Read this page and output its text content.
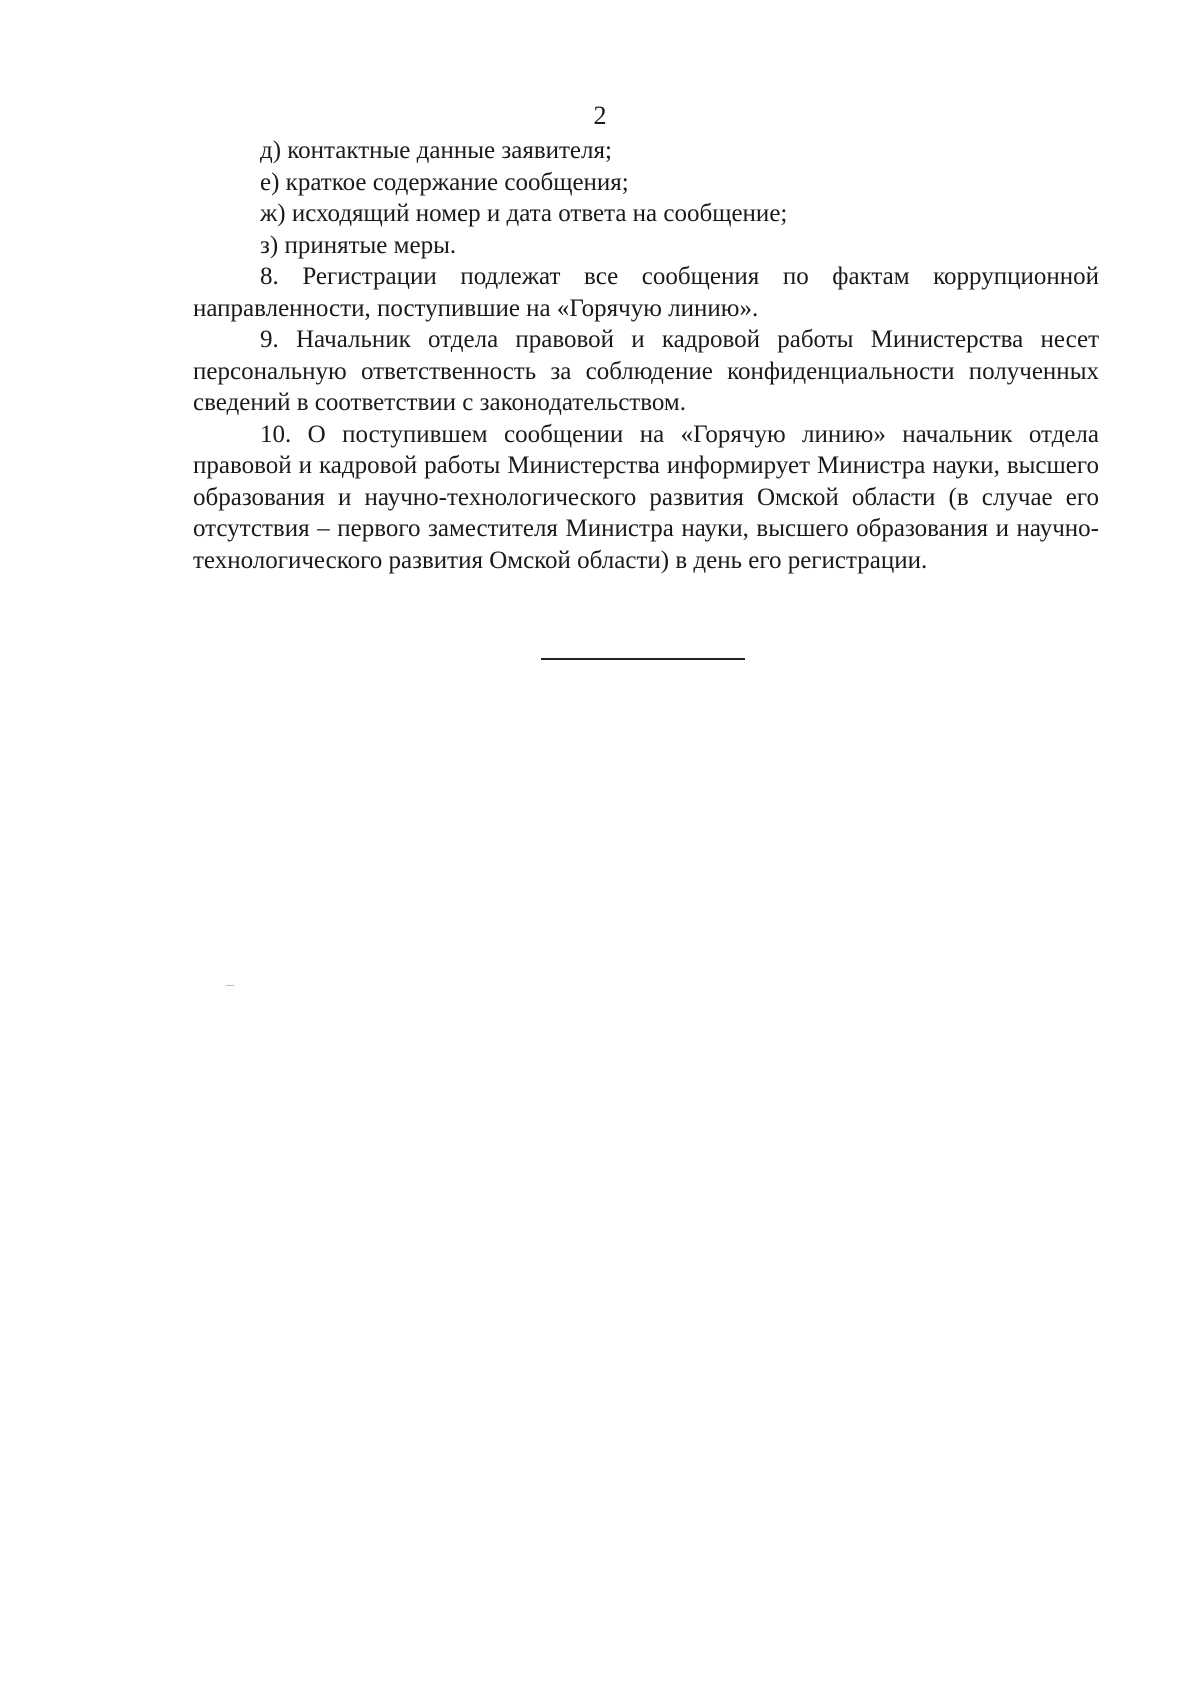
2

д) контактные данные заявителя;

е) краткое содержание сообщения;

ж) исходящий номер и дата ответа на сообщение;

з) принятые меры.

8. Регистрации подлежат все сообщения по фактам коррупционной направленности, поступившие на «Горячую линию».

9. Начальник отдела правовой и кадровой работы Министерства несет персональную ответственность за соблюдение конфиденциальности полученных сведений в соответствии с законодательством.

10. О поступившем сообщении на «Горячую линию» начальник отдела правовой и кадровой работы Министерства информирует Министра науки, высшего образования и научно-технологического развития Омской области (в случае его отсутствия – первого заместителя Министра науки, высшего образования и научно-технологического развития Омской области) в день его регистрации.
